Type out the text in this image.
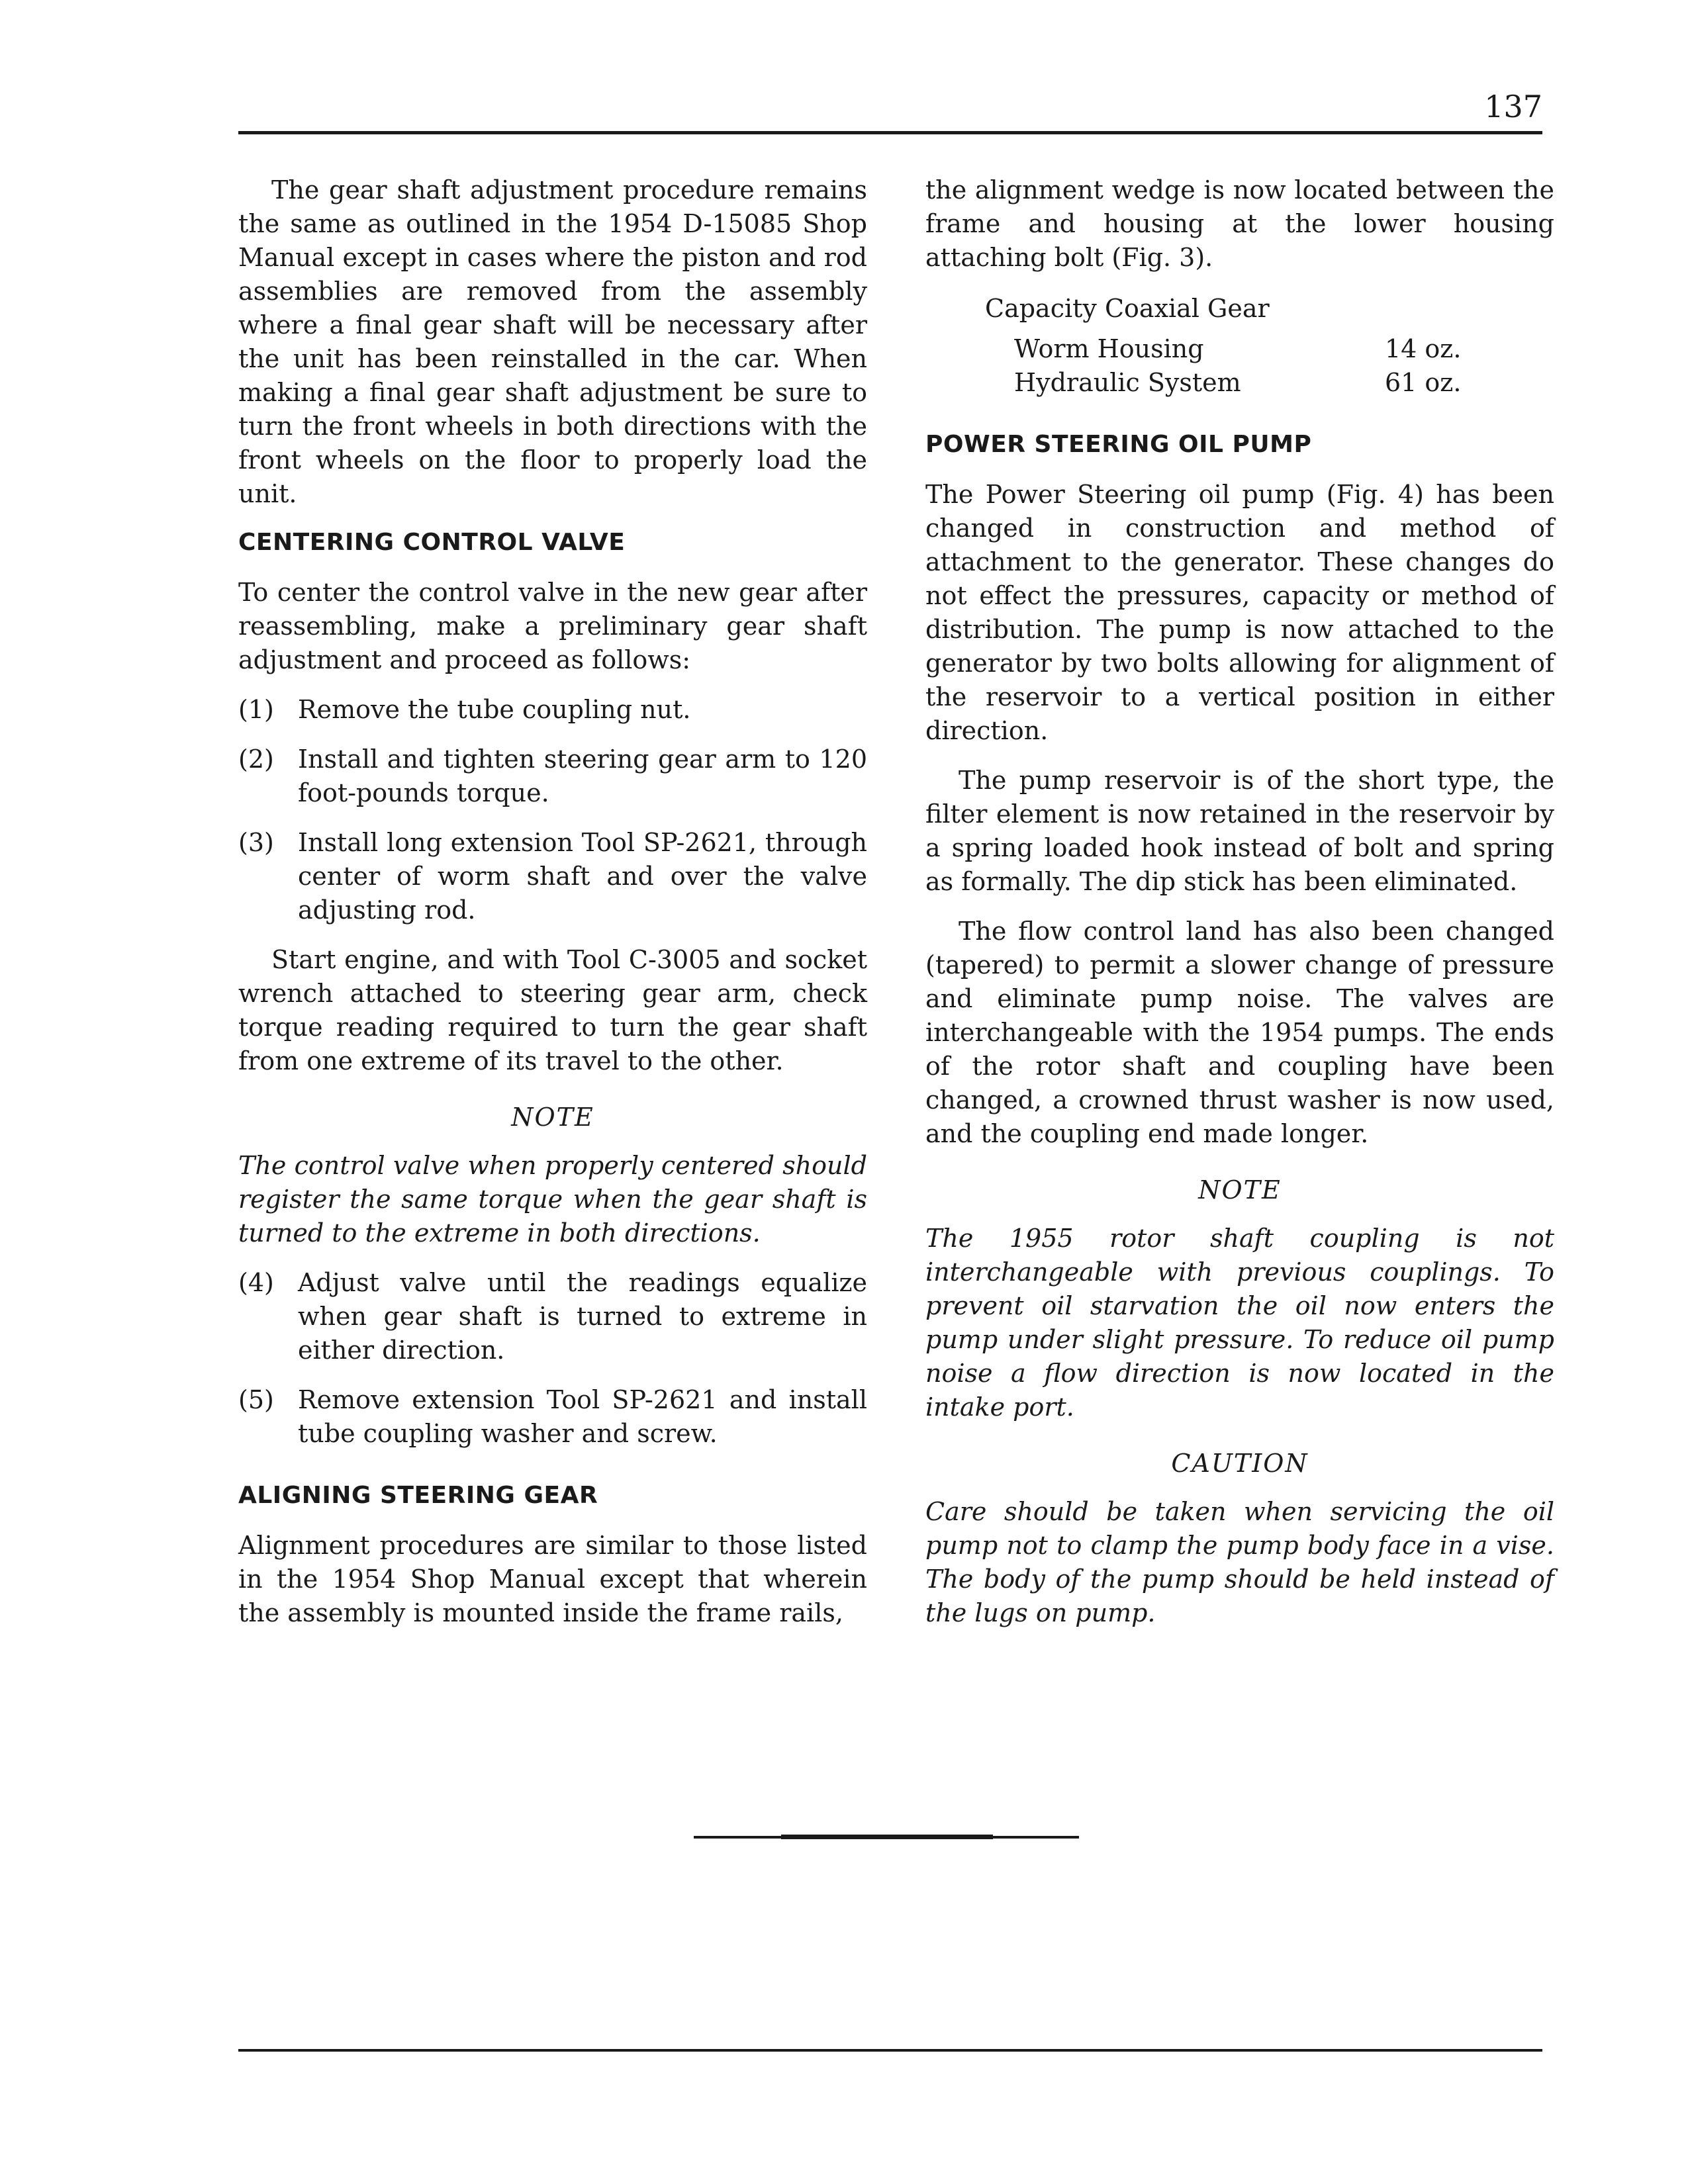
137

The gear shaft adjustment procedure remains the same as outlined in the 1954 D-15085 Shop Manual except in cases where the piston and rod assemblies are removed from the assembly where a final gear shaft will be necessary after the unit has been reinstalled in the car. When making a final gear shaft adjustment be sure to turn the front wheels in both directions with the front wheels on the floor to properly load the unit.

CENTERING CONTROL VALVE

To center the control valve in the new gear after reassembling, make a preliminary gear shaft adjustment and proceed as follows:

(1) Remove the tube coupling nut.
(2) Install and tighten steering gear arm to 120 foot-pounds torque.
(3) Install long extension Tool SP-2621, through center of worm shaft and over the valve adjusting rod.

Start engine, and with Tool C-3005 and socket wrench attached to steering gear arm, check torque reading required to turn the gear shaft from one extreme of its travel to the other.

NOTE

The control valve when properly centered should register the same torque when the gear shaft is turned to the extreme in both directions.

(4) Adjust valve until the readings equalize when gear shaft is turned to extreme in either direction.
(5) Remove extension Tool SP-2621 and install tube coupling washer and screw.
ALIGNING STEERING GEAR

Alignment procedures are similar to those listed in the 1954 Shop Manual except that wherein the assembly is mounted inside the frame rails,

the alignment wedge is now located between the frame and housing at the lower housing attaching bolt (Fig. 3).

Capacity Coaxial Gear
Worm Housing	14 oz.
Hydraulic System	61 oz.
POWER STEERING OIL PUMP

The Power Steering oil pump (Fig. 4) has been changed in construction and method of attachment to the generator. These changes do not effect the pressures, capacity or method of distribution. The pump is now attached to the generator by two bolts allowing for alignment of the reservoir to a vertical position in either direction.

The pump reservoir is of the short type, the filter element is now retained in the reservoir by a spring loaded hook instead of bolt and spring as formally. The dip stick has been eliminated.

The flow control land has also been changed (tapered) to permit a slower change of pressure and eliminate pump noise. The valves are interchangeable with the 1954 pumps. The ends of the rotor shaft and coupling have been changed, a crowned thrust washer is now used, and the coupling end made longer.

NOTE

The 1955 rotor shaft coupling is not interchangeable with previous couplings. To prevent oil starvation the oil now enters the pump under slight pressure. To reduce oil pump noise a flow direction is now located in the intake port.

CAUTION

Care should be taken when servicing the oil pump not to clamp the pump body face in a vise. The body of the pump should be held instead of the lugs on pump.
